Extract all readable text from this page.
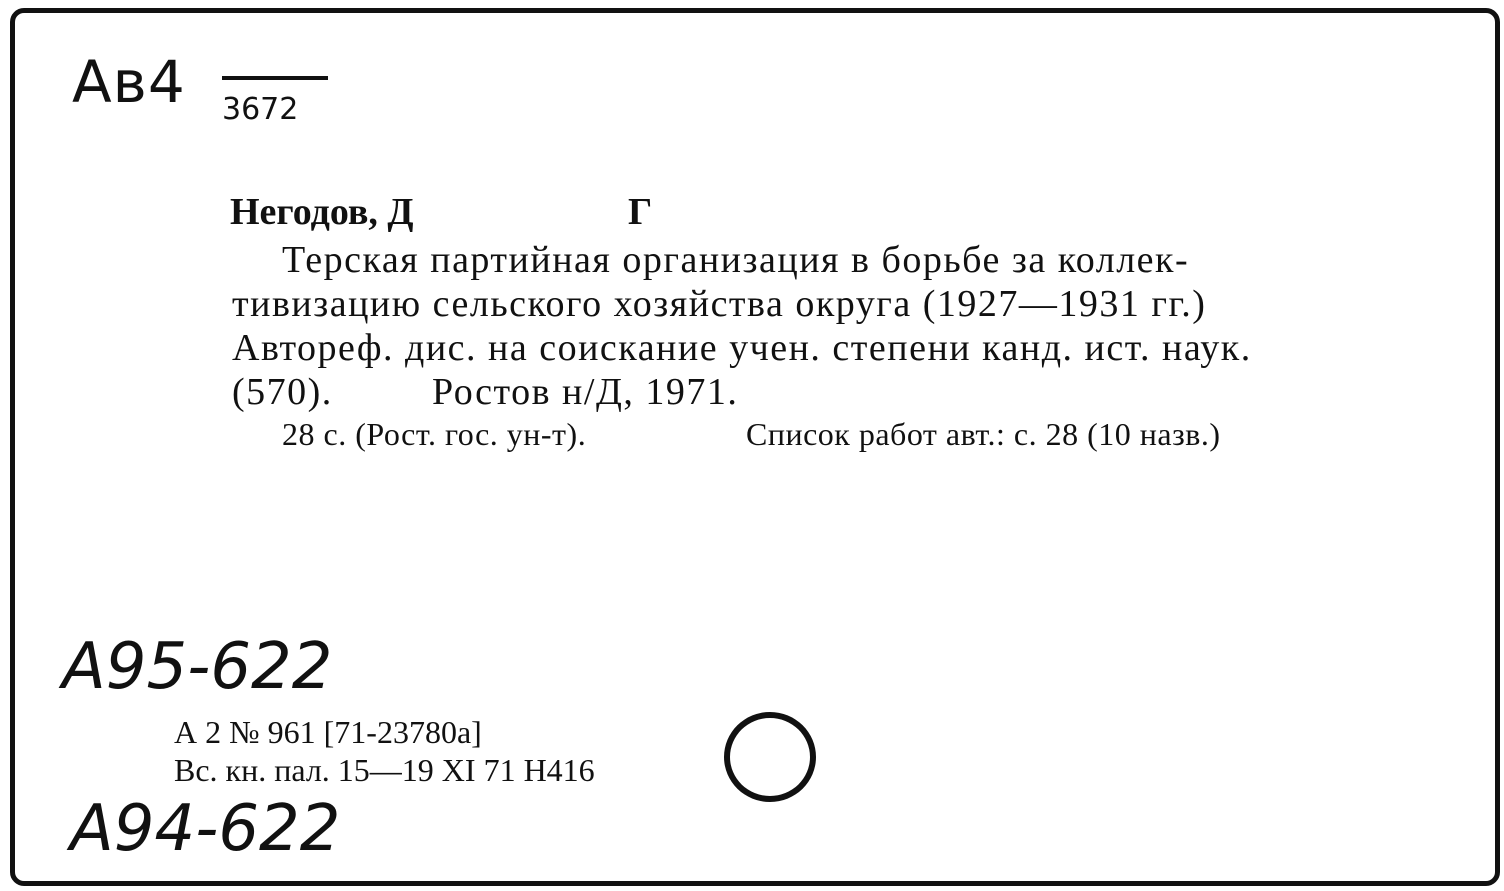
Ав4 3672
Негодов, Д	Г
Терская партийная организация в борьбе за коллек-
тивизацию сельского хозяйства округа (1927—1931 гг.)
Автореф. дис. на соискание учен. степени канд. ист. наук.
(570).	Ростов н/Д, 1971.
28 с. (Рост. гос. ун-т).	Список работ авт.: с. 28 (10 назв.)
А95-622
А 2 № 961 [71-23780а]
Вс. кн. пал. 15—19 XI 71 Н416
А94-622
